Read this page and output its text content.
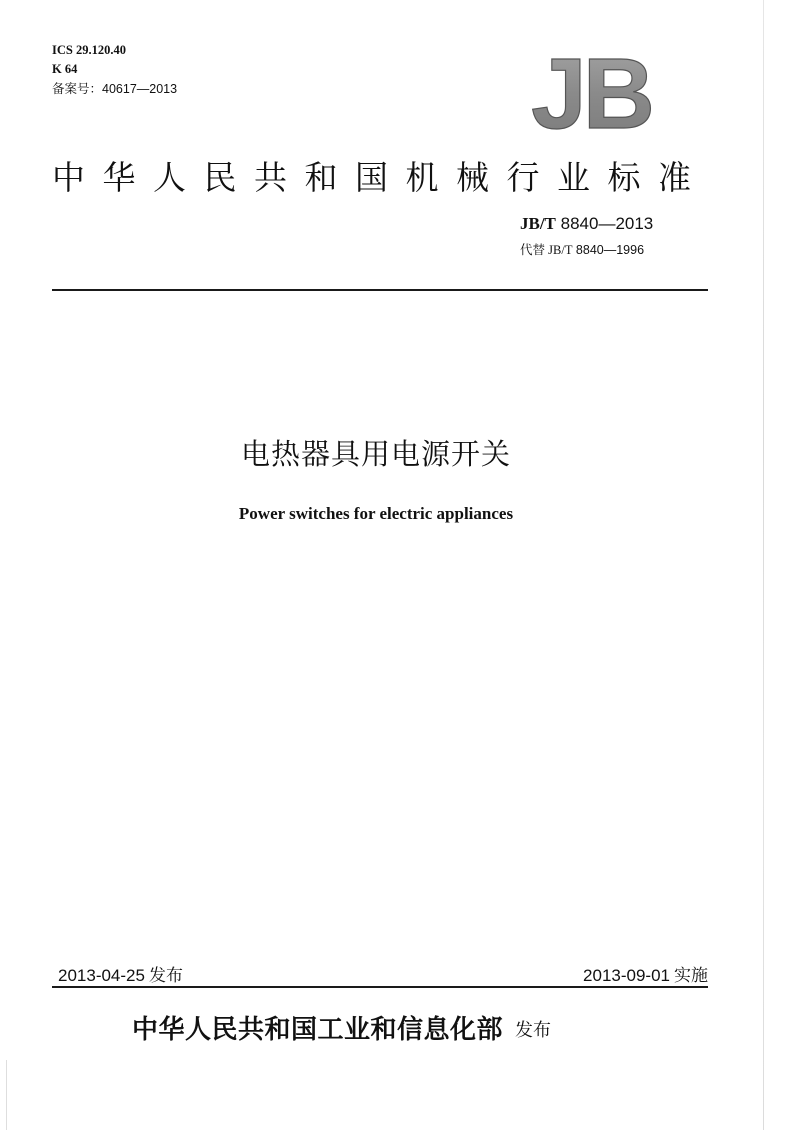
ICS 29.120.40
K 64
备案号：40617—2013	JB
中华人民共和国机械行业标准
JB/T 8840—2013
代替 JB/T 8840—1996
电热器具用电源开关
Power switches for electric appliances
2013-04-25 发布	2013-09-01 实施
中华人民共和国工业和信息化部 发布
